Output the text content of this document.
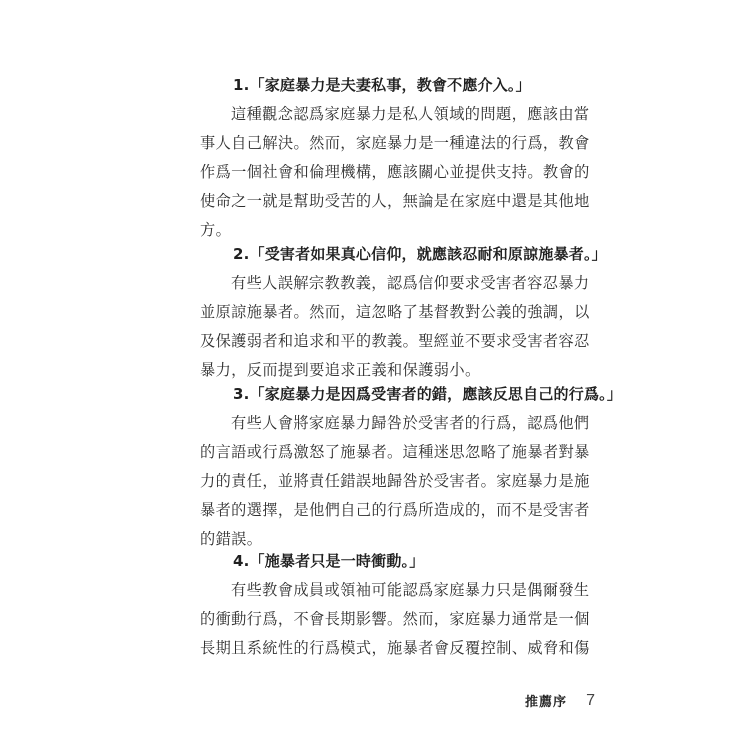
1.「家庭暴力是夫妻私事，教會不應介入。」
這種觀念認爲家庭暴力是私人領域的問題，應該由當
事人自己解決。然而，家庭暴力是一種違法的行爲，教會
作爲一個社會和倫理機構，應該關心並提供支持。教會的
使命之一就是幫助受苦的人，無論是在家庭中還是其他地
方。
2.「受害者如果真心信仰，就應該忍耐和原諒施暴者。」
有些人誤解宗教教義，認爲信仰要求受害者容忍暴力
並原諒施暴者。然而，這忽略了基督教對公義的強調，以
及保護弱者和追求和平的教義。聖經並不要求受害者容忍
暴力，反而提到要追求正義和保護弱小。
3.「家庭暴力是因爲受害者的錯，應該反思自己的行爲。」
有些人會將家庭暴力歸咎於受害者的行爲，認爲他們
的言語或行爲激怒了施暴者。這種迷思忽略了施暴者對暴
力的責任，並將責任錯誤地歸咎於受害者。家庭暴力是施
暴者的選擇，是他們自己的行爲所造成的，而不是受害者
的錯誤。
4.「施暴者只是一時衝動。」
有些教會成員或領袖可能認爲家庭暴力只是偶爾發生
的衝動行爲，不會長期影響。然而，家庭暴力通常是一個
長期且系統性的行爲模式，施暴者會反覆控制、威脅和傷
推薦序 7
